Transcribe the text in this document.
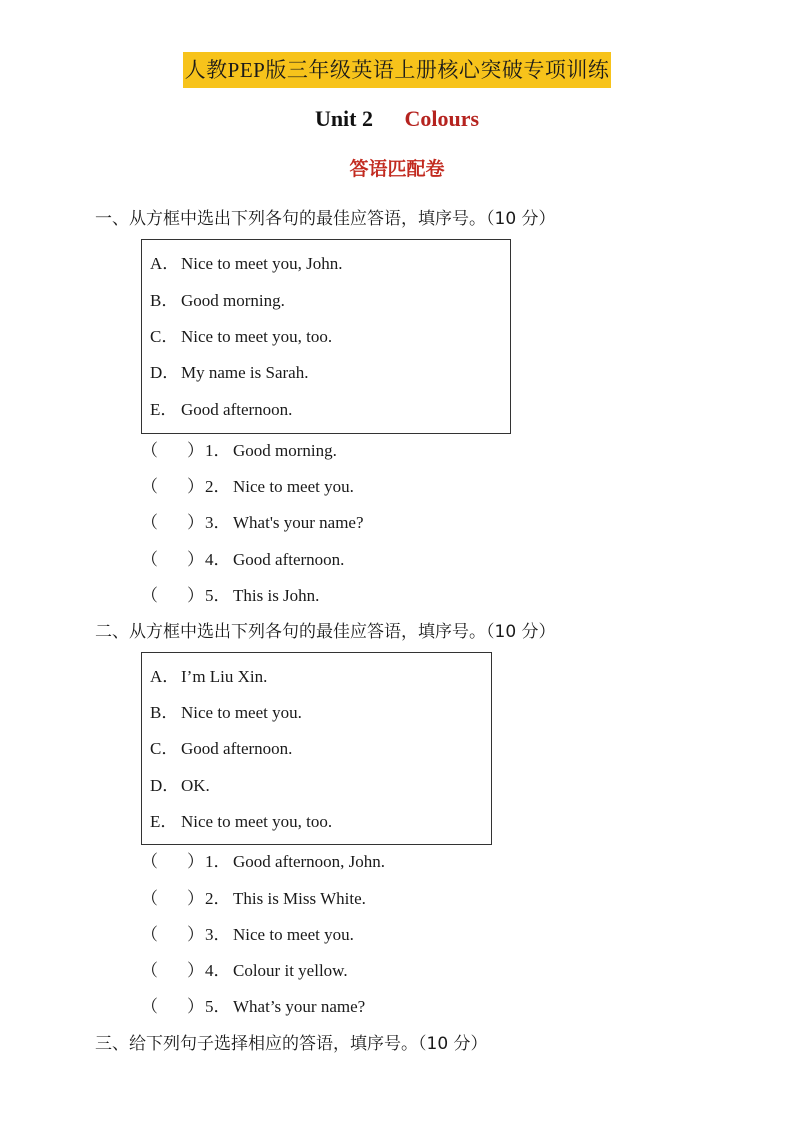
人教PEP版三年级英语上册核心突破专项训练
Unit 2 Colours
答语匹配卷
一、从方框中选出下列各句的最佳应答语，填序号。（10 分）
A． Nice to meet you, John.
B． Good morning.
C． Nice to meet you, too.
D． My name is Sarah.
E． Good afternoon.
（ ）1． Good morning.
（ ）2． Nice to meet you.
（ ）3． What's your name?
（ ）4． Good afternoon.
（ ）5． This is John.
二、从方框中选出下列各句的最佳应答语，填序号。（10 分）
A． I’m Liu Xin.
B． Nice to meet you.
C． Good afternoon.
D． OK.
E． Nice to meet you, too.
（ ）1． Good afternoon, John.
（ ）2． This is Miss White.
（ ）3． Nice to meet you.
（ ）4． Colour it yellow.
（ ）5． What’s your name?
三、给下列句子选择相应的答语，填序号。（10 分）
